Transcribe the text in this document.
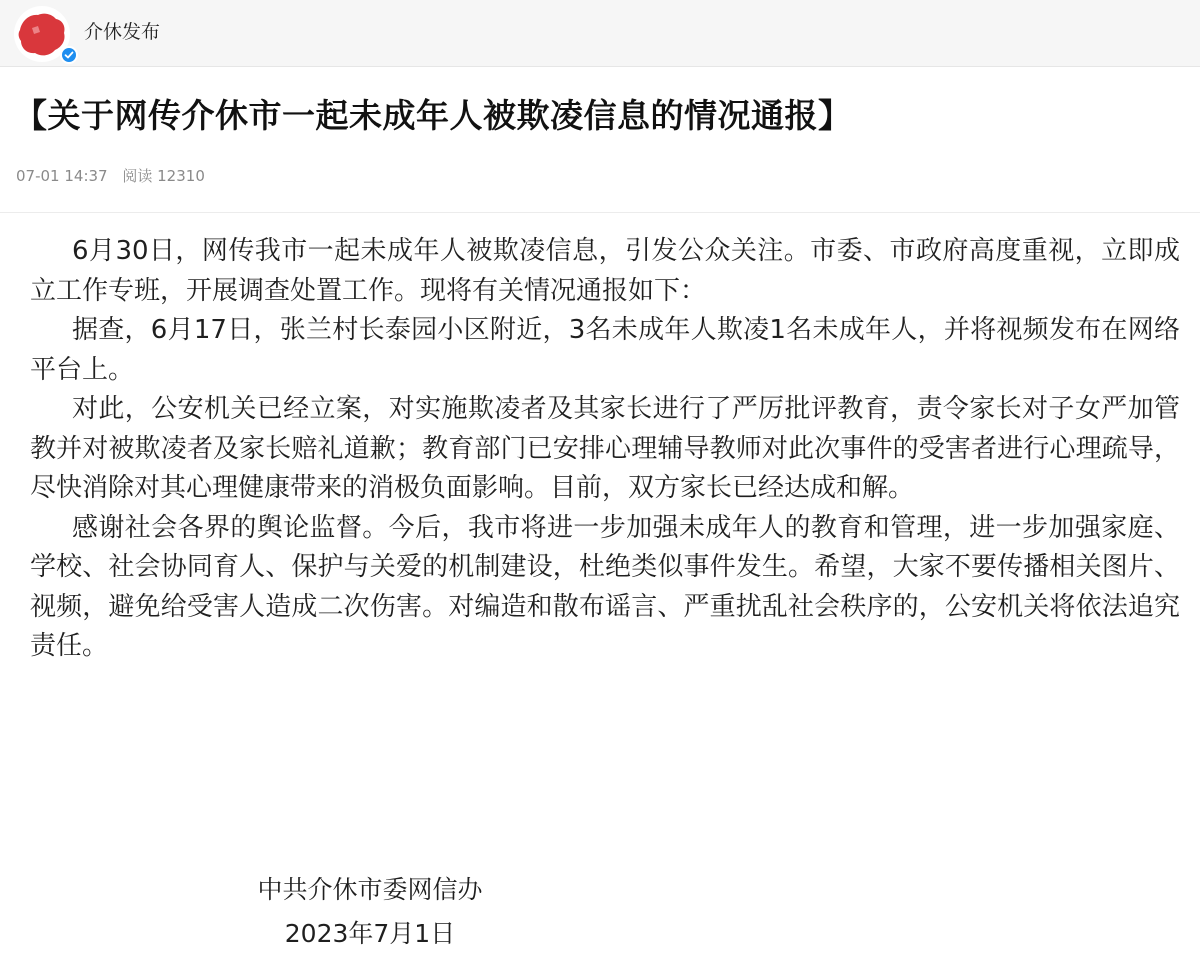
介休发布
【关于网传介休市一起未成年人被欺凌信息的情况通报】
07-01 14:37 阅读 12310

6月30日，网传我市一起未成年人被欺凌信息，引发公众关注。市委、市政府高度重视，立即成立工作专班，开展调查处置工作。现将有关情况通报如下：

据查，6月17日，张兰村长泰园小区附近，3名未成年人欺凌1名未成年人，并将视频发布在网络平台上。

对此，公安机关已经立案，对实施欺凌者及其家长进行了严厉批评教育，责令家长对子女严加管教并对被欺凌者及家长赔礼道歉；教育部门已安排心理辅导教师对此次事件的受害者进行心理疏导，尽快消除对其心理健康带来的消极负面影响。目前，双方家长已经达成和解。

感谢社会各界的舆论监督。今后，我市将进一步加强未成年人的教育和管理，进一步加强家庭、学校、社会协同育人、保护与关爱的机制建设，杜绝类似事件发生。希望，大家不要传播相关图片、视频，避免给受害人造成二次伤害。对编造和散布谣言、严重扰乱社会秩序的，公安机关将依法追究责任。

中共介休市委网信办
2023年7月1日
